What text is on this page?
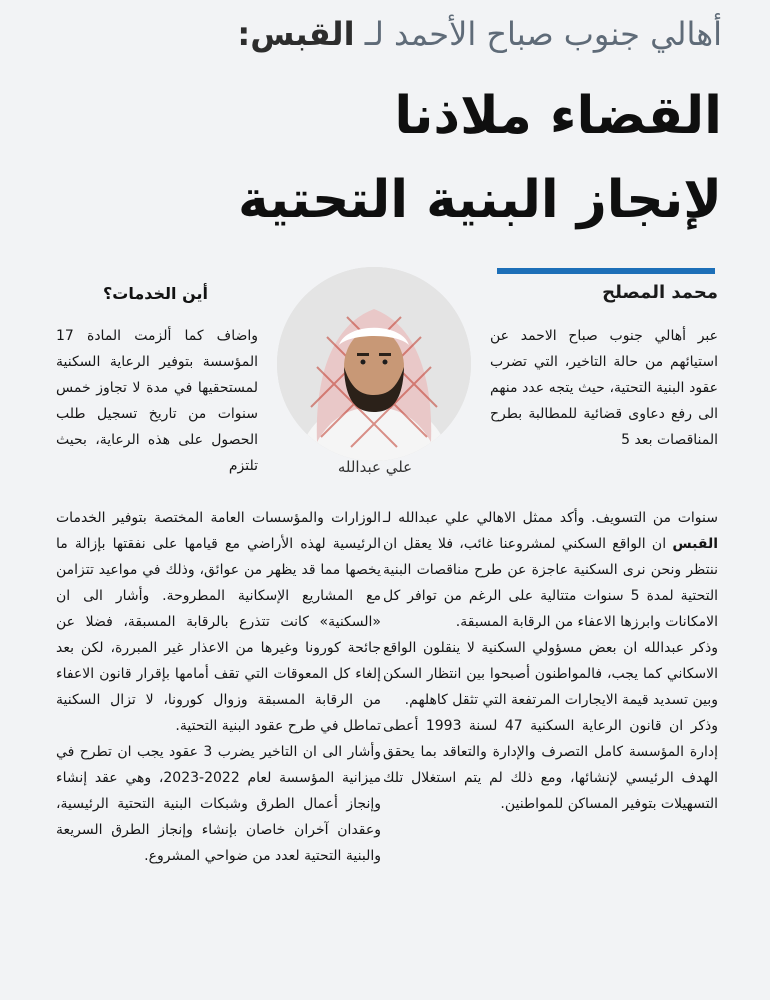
أهالي جنوب صباح الأحمد لـ القبس:
القضاء ملاذنا
لإنجاز البنية التحتية
محمد المصلح
علي عبدالله
أين الخدمات؟

عبر أهالي جنوب صباح الاحمد عن استيائهم من حالة التاخير، التي تضرب عقود البنية التحتية، حيث يتجه عدد منهم الى رفع دعاوى قضائية للمطالبة بطرح المناقصات بعد 5

واضاف كما ألزمت المادة 17 المؤسسة بتوفير الرعاية السكنية لمستحقيها في مدة لا تجاوز خمس سنوات من تاريخ تسجيل طلب الحصول على هذه الرعاية، بحيث تلتزم

سنوات من التسويف. وأكد ممثل الاهالي علي عبدالله لـ القبس ان الواقع السكني لمشروعنا غائب، فلا يعقل ان ننتظر ونحن نرى السكنية عاجزة عن طرح مناقصات البنية التحتية لمدة 5 سنوات متتالية على الرغم من توافر كل الامكانات وابرزها الاعفاء من الرقابة المسبقة.

وذكر عبدالله ان بعض مسؤولي السكنية لا ينقلون الواقع الاسكاني كما يجب، فالمواطنون أصبحوا بين انتظار السكن وبين تسديد قيمة الايجارات المرتفعة التي تثقل كاهلهم.

وذكر ان قانون الرعاية السكنية 47 لسنة 1993 أعطى إدارة المؤسسة كامل التصرف والإدارة والتعاقد بما يحقق الهدف الرئيسي لإنشائها، ومع ذلك لم يتم استغلال تلك التسهيلات بتوفير المساكن للمواطنين.

الوزارات والمؤسسات العامة المختصة بتوفير الخدمات الرئيسية لهذه الأراضي مع قيامها على نفقتها بإزالة ما يخصها مما قد يظهر من عوائق، وذلك في مواعيد تتزامن مع المشاريع الإسكانية المطروحة. وأشار الى ان «السكنية» كانت تتذرع بالرقابة المسبقة، فضلا عن جائحة كورونا وغيرها من الاعذار غير المبررة، لكن بعد إلغاء كل المعوقات التي تقف أمامها بإقرار قانون الاعفاء من الرقابة المسبقة وزوال كورونا، لا تزال السكنية تماطل في طرح عقود البنية التحتية.

وأشار الى ان التاخير يضرب 3 عقود يجب ان تطرح في ميزانية المؤسسة لعام 2022-2023، وهي عقد إنشاء وإنجاز أعمال الطرق وشبكات البنية التحتية الرئيسية، وعقدان آخران خاصان بإنشاء وإنجاز الطرق السريعة والبنية التحتية لعدد من ضواحي المشروع.
